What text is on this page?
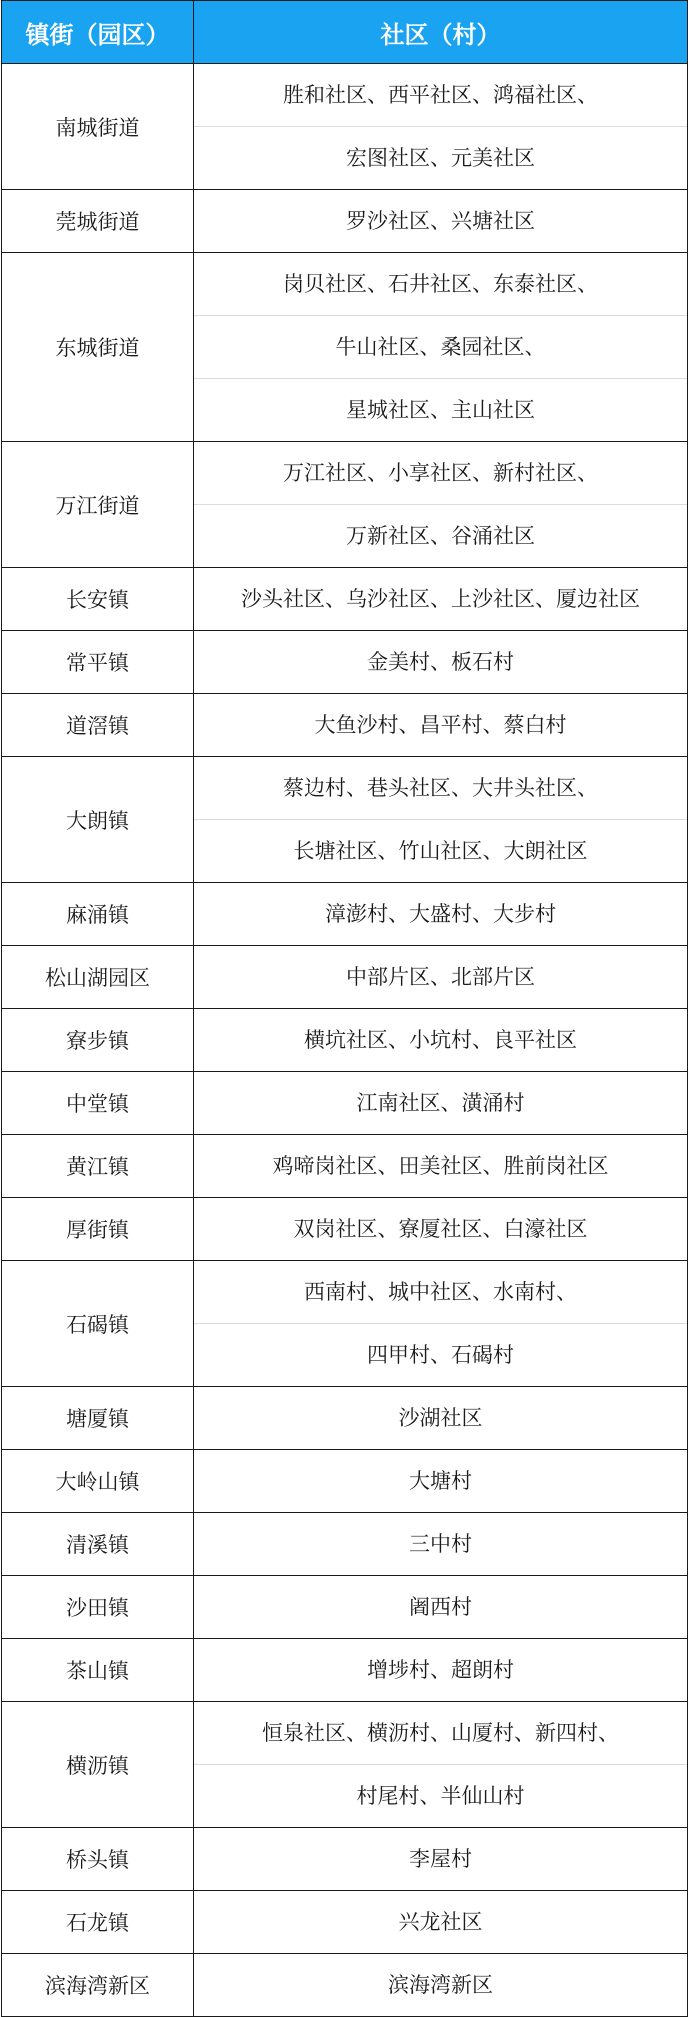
镇街（园区）	社区（村）
南城街道	胜和社区、西平社区、鸿福社区、
宏图社区、元美社区

莞城街道	罗沙社区、兴塘社区

东城街道	岗贝社区、石井社区、东泰社区、
牛山社区、桑园社区、
星城社区、主山社区

万江街道	万江社区、小享社区、新村社区、
万新社区、谷涌社区

长安镇	沙头社区、乌沙社区、上沙社区、厦边社区

常平镇	金美村、板石村

道滘镇	大鱼沙村、昌平村、蔡白村

大朗镇	蔡边村、巷头社区、大井头社区、
长塘社区、竹山社区、大朗社区

麻涌镇	漳澎村、大盛村、大步村

松山湖园区	中部片区、北部片区

寮步镇	横坑社区、小坑村、良平社区

中堂镇	江南社区、潢涌村

黄江镇	鸡啼岗社区、田美社区、胜前岗社区

厚街镇	双岗社区、寮厦社区、白濠社区

石碣镇	西南村、城中社区、水南村、
四甲村、石碣村

塘厦镇	沙湖社区

大岭山镇	大塘村

清溪镇	三中村

沙田镇	阇西村

茶山镇	增埗村、超朗村

横沥镇	恒泉社区、横沥村、山厦村、新四村、
村尾村、半仙山村

桥头镇	李屋村

石龙镇	兴龙社区

滨海湾新区	滨海湾新区
